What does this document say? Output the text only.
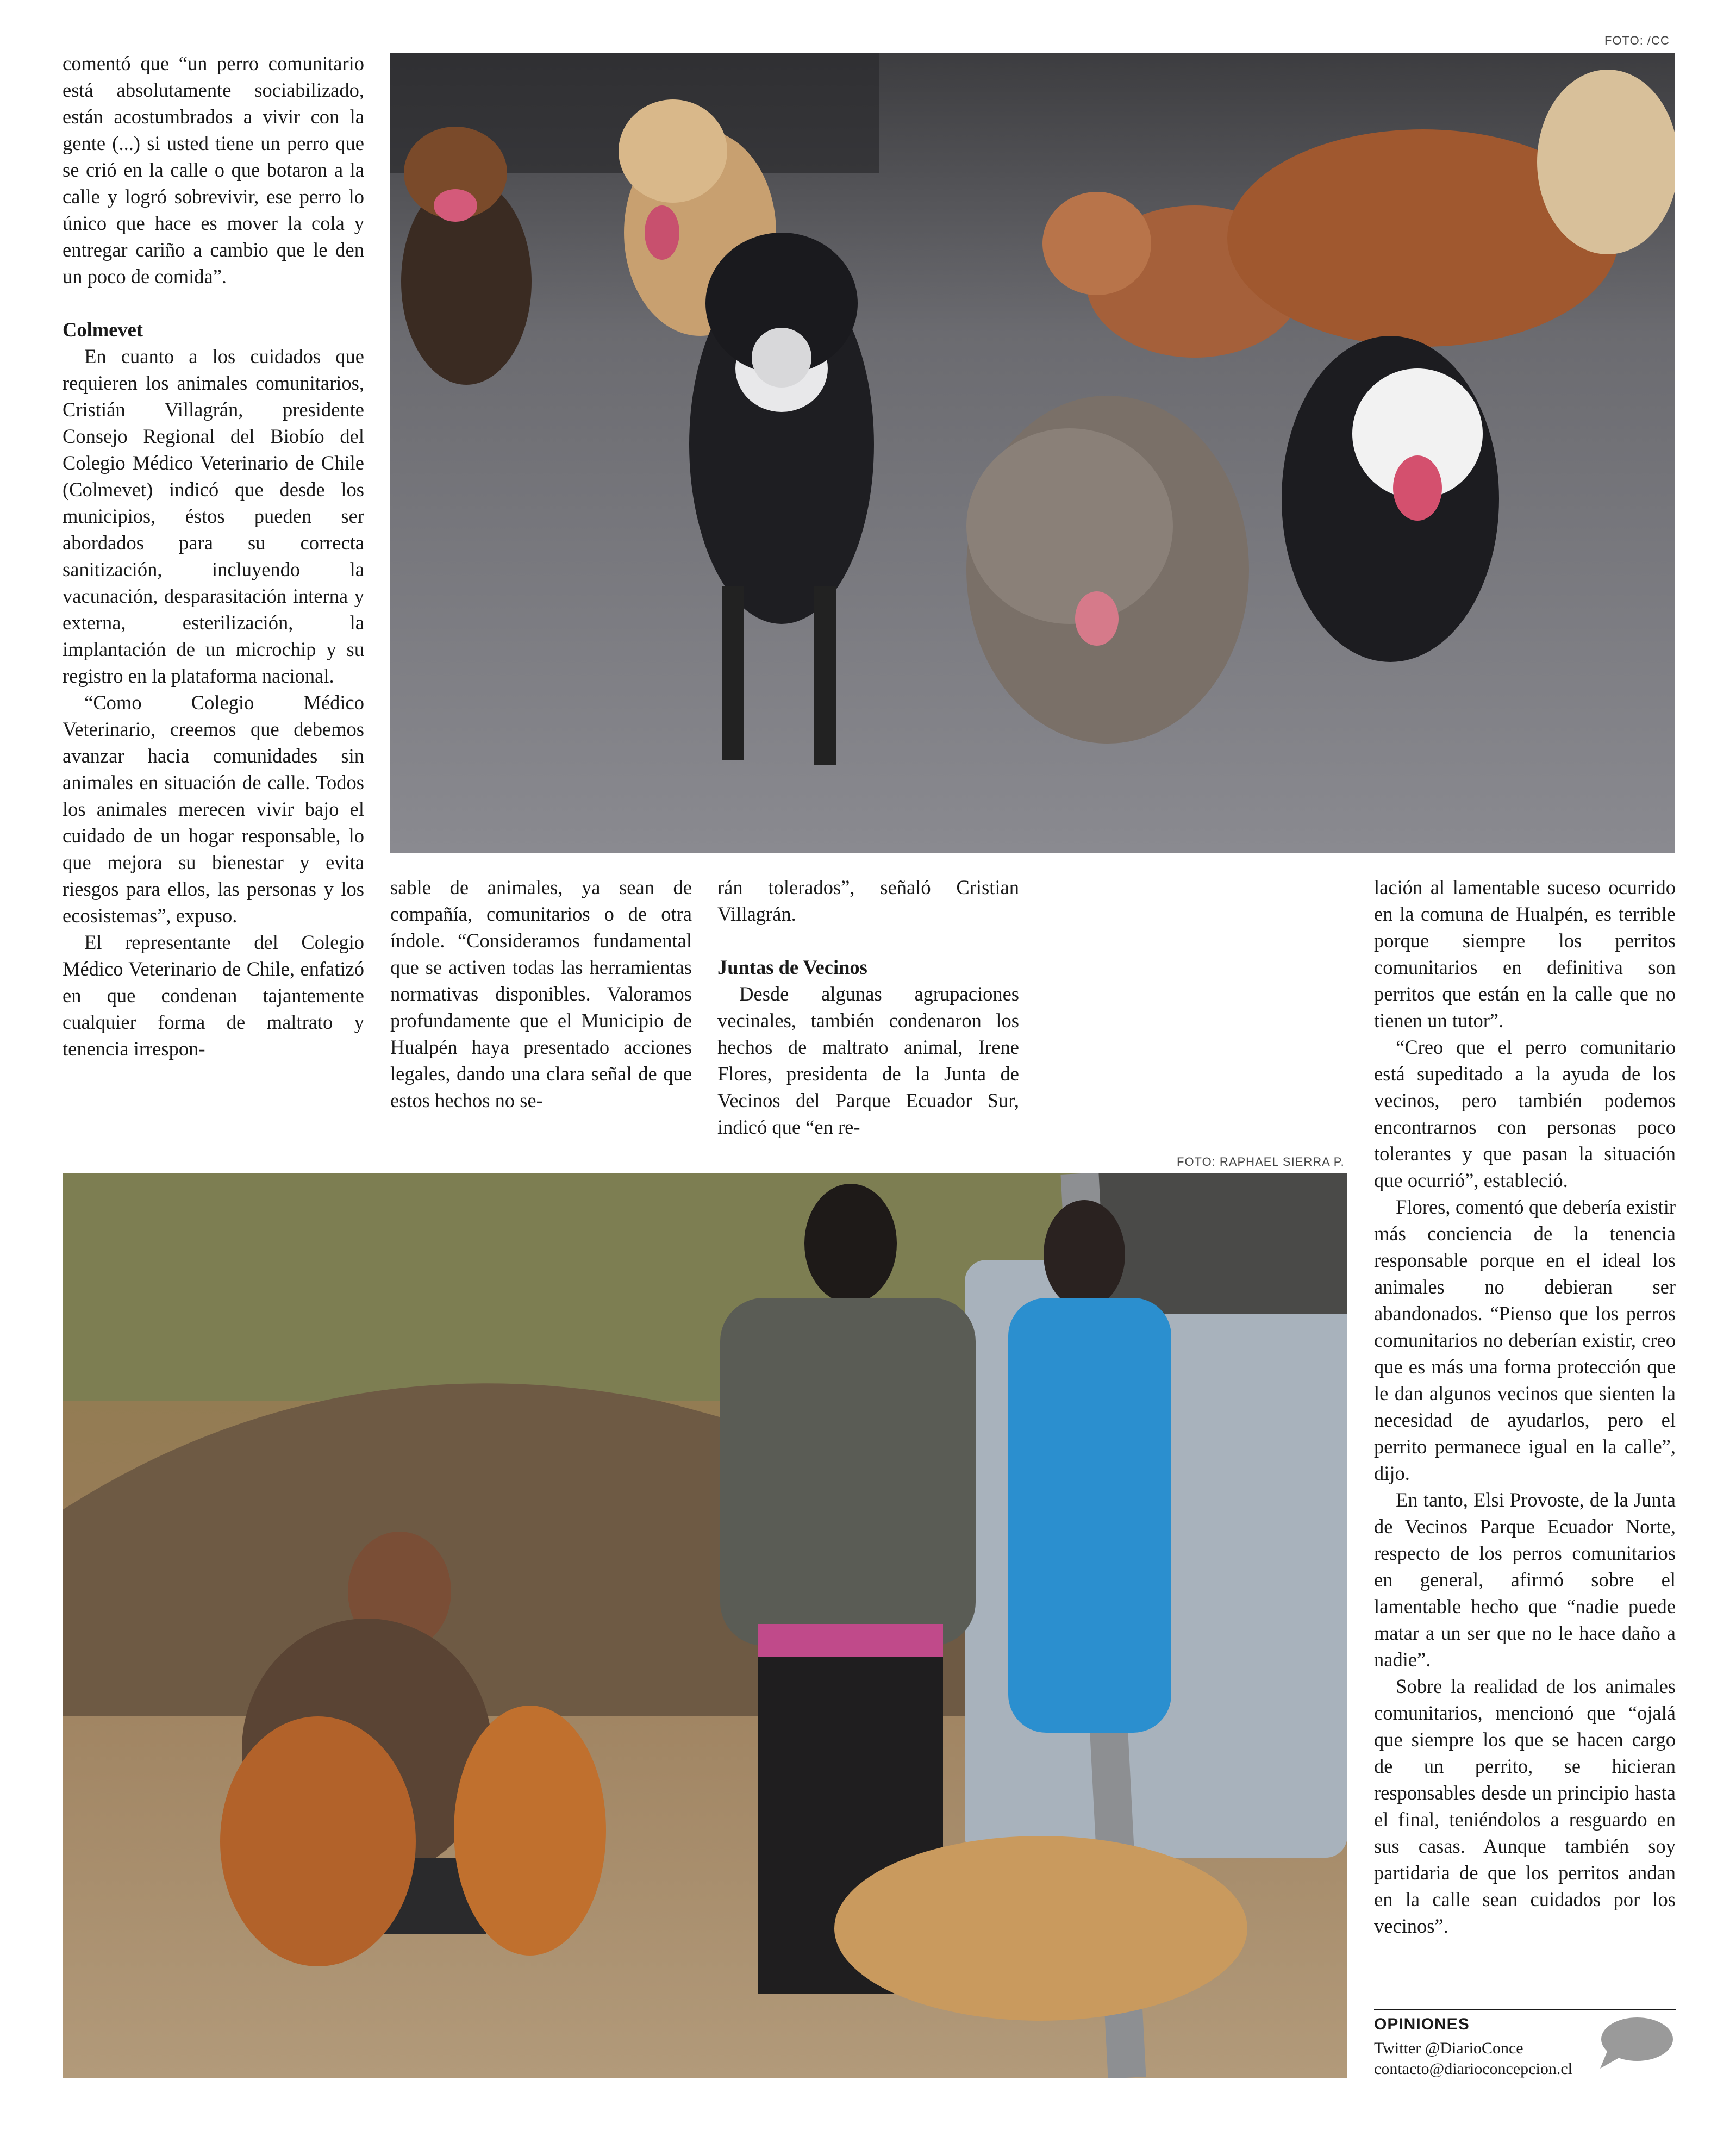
FOTO: /CC

comentó que “un perro comunitario está absolutamente sociabilizado, están acostumbrados a vivir con la gente (...) si usted tiene un perro que se crió en la calle o que botaron a la calle y logró sobrevivir, ese perro lo único que hace es mover la cola y entregar cariño a cambio que le den un poco de comida”.

Colmevet

En cuanto a los cuidados que requieren los animales comunitarios, Cristián Villagrán, presidente Consejo Regional del Biobío del Colegio Médico Veterinario de Chile (Colmevet) indicó que desde los municipios, éstos pueden ser abordados para su correcta sanitización, incluyendo la vacunación, desparasitación interna y externa, esterilización, la implantación de un microchip y su registro en la plataforma nacional.

“Como Colegio Médico Veterinario, creemos que debemos avanzar hacia comunidades sin animales en situación de calle. Todos los animales merecen vivir bajo el cuidado de un hogar responsable, lo que mejora su bienestar y evita riesgos para ellos, las personas y los ecosistemas”, expuso.

El representante del Colegio Médico Veterinario de Chile, enfatizó en que condenan tajantemente cualquier forma de maltrato y tenencia irrespon-

sable de animales, ya sean de compañía, comunitarios o de otra índole. “Consideramos fundamental que se activen todas las herramientas normativas disponibles. Valoramos profundamente que el Municipio de Hualpén haya presentado acciones legales, dando una clara señal de que estos hechos no se-

rán tolerados”, señaló Cristian Villagrán.

Juntas de Vecinos

Desde algunas agrupaciones vecinales, también condenaron los hechos de maltrato animal, Irene Flores, presidenta de la Junta de Vecinos del Parque Ecuador Sur, indicó que “en re-

lación al lamentable suceso ocurrido en la comuna de Hualpén, es terrible porque siempre los perritos comunitarios en definitiva son perritos que están en la calle que no tienen un tutor”.

“Creo que el perro comunitario está supeditado a la ayuda de los vecinos, pero también podemos encontrarnos con personas poco tolerantes y que pasan la situación que ocurrió”, estableció.

Flores, comentó que debería existir más conciencia de la tenencia responsable porque en el ideal los animales no debieran ser abandonados. “Pienso que los perros comunitarios no deberían existir, creo que es más una forma protección que le dan algunos vecinos que sienten la necesidad de ayudarlos, pero el perrito permanece igual en la calle”, dijo.

En tanto, Elsi Provoste, de la Junta de Vecinos Parque Ecuador Norte, respecto de los perros comunitarios en general, afirmó sobre el lamentable hecho que “nadie puede matar a un ser que no le hace daño a nadie”.

Sobre la realidad de los animales comunitarios, mencionó que “ojalá que siempre los que se hacen cargo de un perrito, se hicieran responsables desde un principio hasta el final, teniéndolos a resguardo en sus casas. Aunque también soy partidaria de que los perritos andan en la calle sean cuidados por los vecinos”.

FOTO: RAPHAEL SIERRA P.
OPINIONES
Twitter @DiarioConce
contacto@diarioconcepcion.cl
